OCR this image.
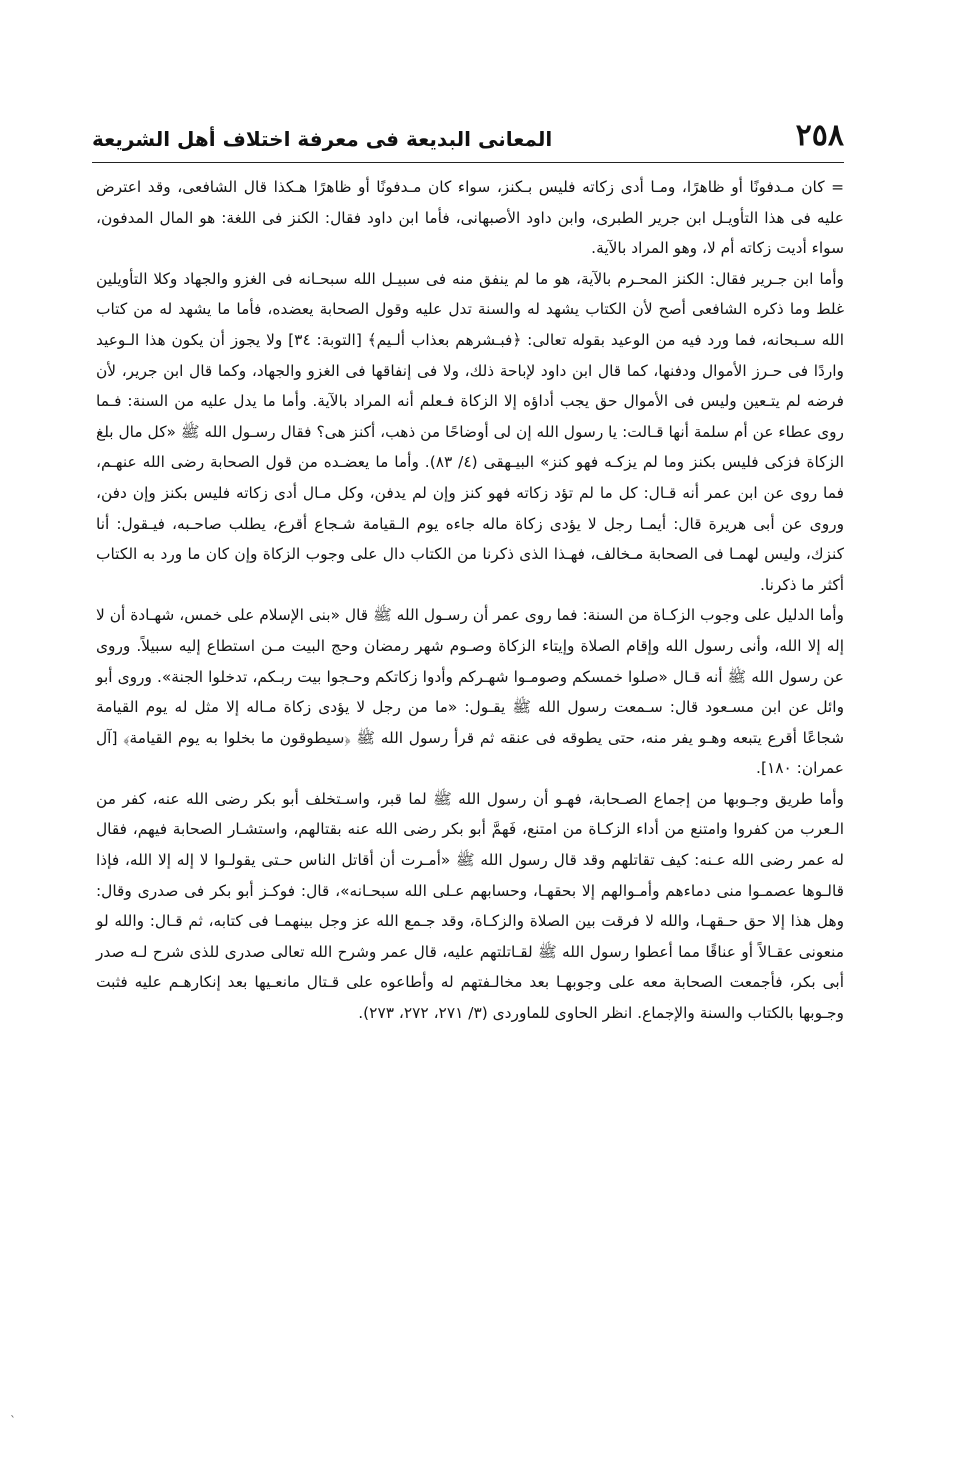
٢٥٨
المعانى البديعة فى معرفة اختلاف أهل الشريعة

= كان مـدفونًا أو ظاهرًا، ومـا أدى زكاته فليس بـكنز، سواء كان مـدفونًا أو ظاهرًا هـكذا قال الشافعى، وقد اعترض عليه فى هذا التأويـل ابن جرير الطبرى، وابن داود الأصبهانى، فأما ابن داود فقال: الكنز فى اللغة: هو المال المدفون، سواء أديت زكاته أم لا، وهو المراد بالآية.

وأما ابن جـرير فقال: الكنز المحـرم بالآية، هو ما لم ينفق منه فى سبيـل الله سبحـانه فى الغزو والجهاد وكلا التأويلين غلط وما ذكره الشافعى أصح لأن الكتاب يشهد له والسنة تدل عليه وقول الصحابة يعضده، فأما ما يشهد له من كتاب الله سـبحانه، فما ورد فيه من الوعيد بقوله تعالى: ﴿فبـشرهم بعذاب ألـيم﴾ [التوبة: ٣٤] ولا يجوز أن يكون هذا الـوعيد واردًا فى حـرز الأموال ودفنها، كما قال ابن داود لإباحة ذلك، ولا فى إنفاقها فى الغزو والجهاد، وكما قال ابن جرير، لأن فرضه لم يتـعين وليس فى الأموال حق يجب أداؤه إلا الزكاة فـعلم أنه المراد بالآية. وأما ما يدل عليه من السنة: فـما روى عطاء عن أم سلمة أنها قـالت: يا رسول الله إن لى أوضاحًا من ذهب، أكنز هى؟ فقال رسـول الله ﷺ «كل مال بلغ الزكاة فزكى فليس بكنز وما لم يزكـه فهو كنز» البيـهقى (٤/ ٨٣). وأما ما يعضـده من قول الصحابة رضى الله عنهـم، فما روى عن ابن عمر أنه قـال: كل ما لم تؤد زكاته فهو كنز وإن لم يدفن، وكل مـال أدى زكاته فليس بكنز وإن دفن، وروى عن أبى هريرة قال: أيمـا رجل لا يؤدى زكاة ماله جاءه يوم الـقيامة شـجاع أقرع، يطلب صاحـبه، فيـقول: أنا كنزك، وليس لهمـا فى الصحابة مـخالف، فهـذا الذى ذكرنا من الكتاب دال على وجوب الزكاة وإن كان ما ورد به الكتاب أكثر ما ذكرنا.

وأما الدليل على وجوب الزكـاة من السنة: فما روى عمر أن رسـول الله ﷺ قال «بنى الإسلام على خمس، شهـادة أن لا إله إلا الله، وأنى رسول الله وإقام الصلاة وإيتاء الزكاة وصـوم شهر رمضان وحج البيت مـن استطاع إليه سبيلاً. وروى عن رسول الله ﷺ أنه قـال «صلوا خمسكم وصومـوا شهـركم وأدوا زكاتكم وحـجوا بيت ربـكم، تدخلوا الجنة». وروى أبو وائل عن ابن مسـعود قال: سـمعت رسول الله ﷺ يقـول: «ما من رجل لا يؤدى زكاة مـاله إلا مثل له يوم القيامة شجاعًا أقرع يتبعه وهـو يفر منه، حتى يطوقه فى عنقه ثم قرأ رسول الله ﷺ ﴿سيطوقون ما بخلوا به يوم القيامة﴾ [آل عمران: ١٨٠].

وأما طريق وجـوبها من إجماع الصـحابة، فهـو أن رسول الله ﷺ لما قبر، واسـتخلف أبو بكر رضى الله عنه، كفر من الـعرب من كفروا وامتنع من أداء الزكـاة من امتنع، فَهمَّ أبو بكر رضى الله عنه بقتالهم، واستشـار الصحابة فيهم، فقال له عمر رضى الله عـنه: كيف تقاتلهم وقد قال رسول الله ﷺ «أمـرت أن أقاتل الناس حـتى يقولـوا لا إله إلا الله، فإذا قالـوها عصمـوا منى دماءهم وأمـوالهم إلا بحقهـا، وحسابهم عـلى الله سبحـانه»، قال: فوكـز أبو بكر فى صدرى وقال: وهل هذا إلا حق حـقهـا، والله لا فرقت بين الصلاة والزكـاة، وقد جـمع الله عز وجل بينهمـا فى كتابه، ثم قـال: والله لو منعونى عقـالاً أو عناقًا مما أعطوا رسول الله ﷺ لقـاتلتهم عليه، قال عمر وشرح الله تعالى صدرى للذى شرح لـه صدر أبى بكر، فأجمعت الصحابة معه على وجوبهـا بعد مخالـفتهم له وأطاعوه على قـتال مانعـيها بعد إنكارهـم عليه فثبت وجـوبها بالكتاب والسنة والإجماع. انظر الحاوى للماوردى (٣/ ٢٧١، ٢٧٢، ٢٧٣).

`
